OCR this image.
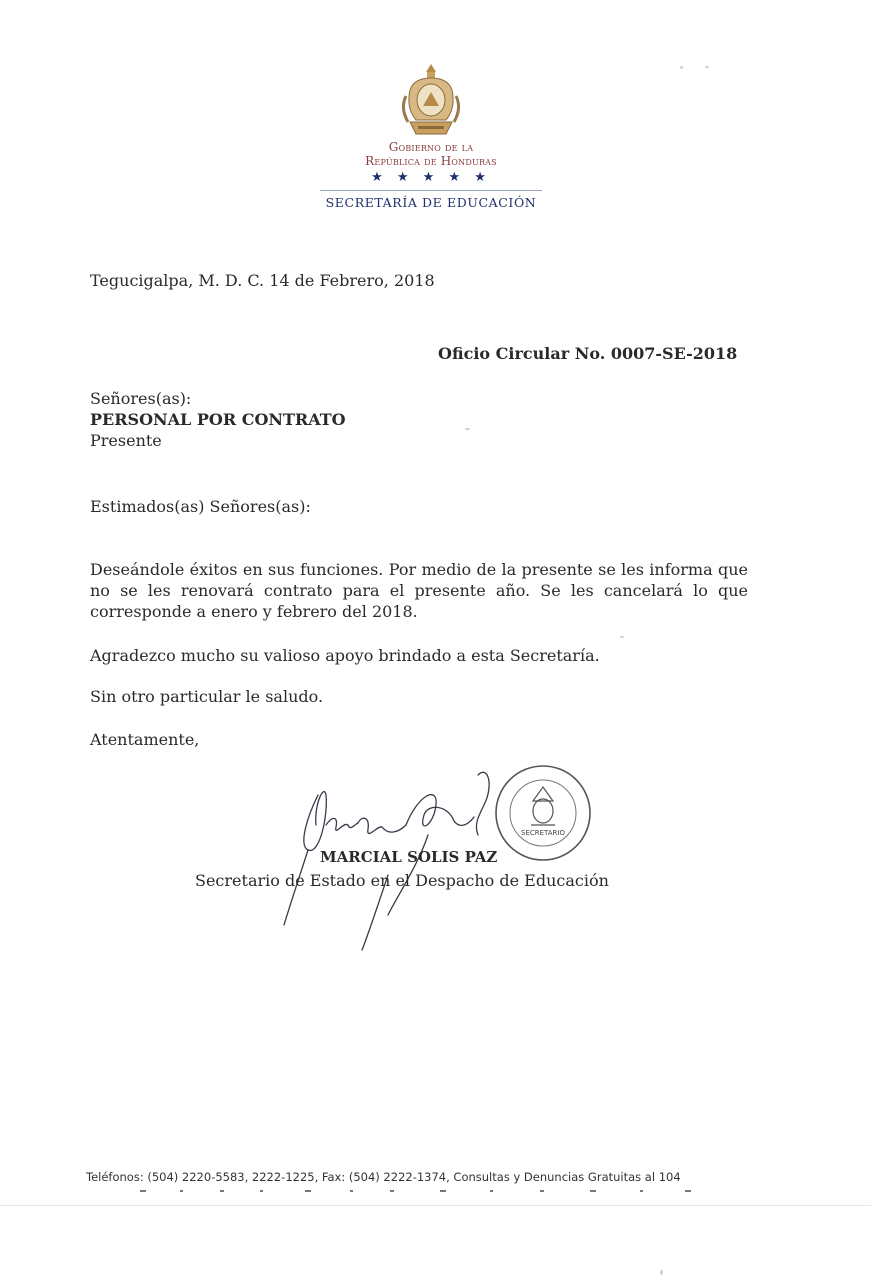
Gobierno de la
República de Honduras
★ ★ ★ ★ ★
SECRETARÍA DE EDUCACIÓN
Tegucigalpa, M. D. C. 14 de Febrero, 2018
Oficio Circular No. 0007-SE-2018
Señores(as):
PERSONAL POR CONTRATO
Presente
Estimados(as) Señores(as):
Deseándole éxitos en sus funciones. Por medio de la presente se les informa que no se les renovará contrato para el presente año. Se les cancelará lo que corresponde a enero y febrero del 2018.
Agradezco mucho su valioso apoyo brindado a esta Secretaría.
Sin otro particular le saludo.
Atentamente,
SECRETARIO
MARCIAL SOLIS PAZ
Secretario de Estado en el Despacho de Educación
Teléfonos: (504) 2220-5583, 2222-1225, Fax: (504) 2222-1374, Consultas y Denuncias Gratuitas al 104
